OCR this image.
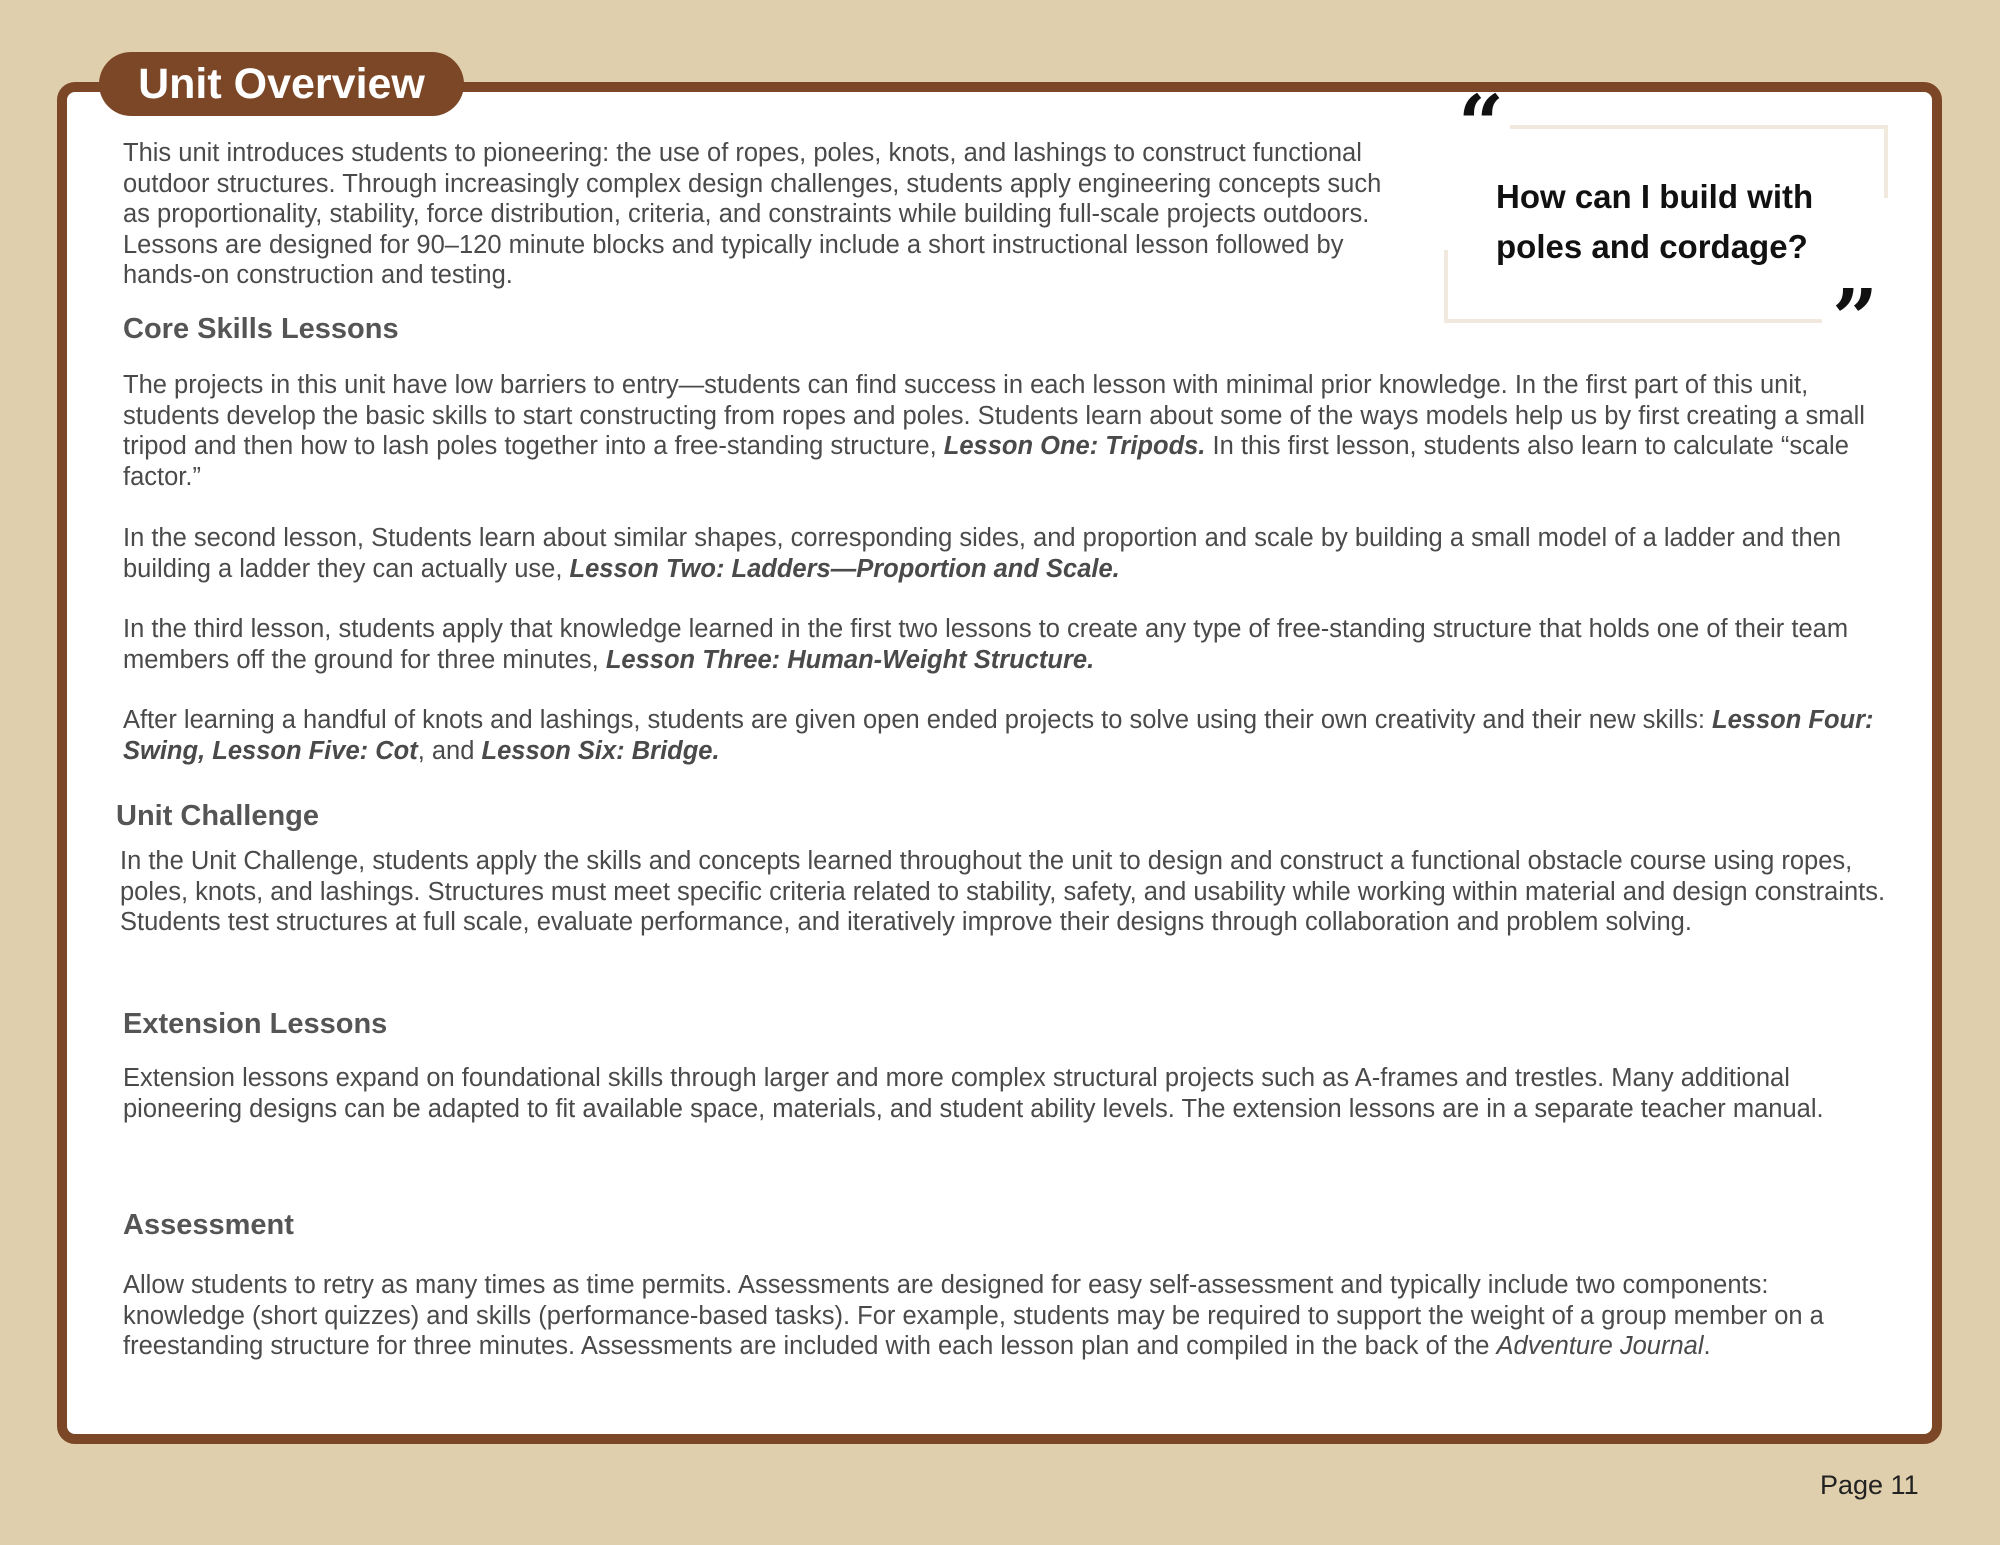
Unit Overview
This unit introduces students to pioneering: the use of ropes, poles, knots, and lashings to construct functional outdoor structures. Through increasingly complex design challenges, students apply engineering concepts such as proportionality, stability, force distribution, criteria, and constraints while building full-scale projects outdoors. Lessons are designed for 90–120 minute blocks and typically include a short instructional lesson followed by hands-on construction and testing.
“
How can I build with poles and cordage?
”
Core Skills Lessons
The projects in this unit have low barriers to entry—students can find success in each lesson with minimal prior knowledge. In the first part of this unit, students develop the basic skills to start constructing from ropes and poles. Students learn about some of the ways models help us by first creating a small tripod and then how to lash poles together into a free-standing structure, Lesson One: Tripods. In this first lesson, students also learn to calculate “scale factor.”
In the second lesson, Students learn about similar shapes, corresponding sides, and proportion and scale by building a small model of a ladder and then building a ladder they can actually use, Lesson Two: Ladders—Proportion and Scale.
In the third lesson, students apply that knowledge learned in the first two lessons to create any type of free-standing structure that holds one of their team members off the ground for three minutes, Lesson Three: Human-Weight Structure.
After learning a handful of knots and lashings, students are given open ended projects to solve using their own creativity and their new skills: Lesson Four: Swing, Lesson Five: Cot, and Lesson Six: Bridge.
Unit Challenge
In the Unit Challenge, students apply the skills and concepts learned throughout the unit to design and construct a functional obstacle course using ropes, poles, knots, and lashings. Structures must meet specific criteria related to stability, safety, and usability while working within material and design constraints. Students test structures at full scale, evaluate performance, and iteratively improve their designs through collaboration and problem solving.
Extension Lessons
Extension lessons expand on foundational skills through larger and more complex structural projects such as A-frames and trestles. Many additional pioneering designs can be adapted to fit available space, materials, and student ability levels. The extension lessons are in a separate teacher manual.
Assessment
Allow students to retry as many times as time permits. Assessments are designed for easy self-assessment and typically include two components: knowledge (short quizzes) and skills (performance-based tasks). For example, students may be required to support the weight of a group member on a freestanding structure for three minutes. Assessments are included with each lesson plan and compiled in the back of the Adventure Journal.
Page 11
